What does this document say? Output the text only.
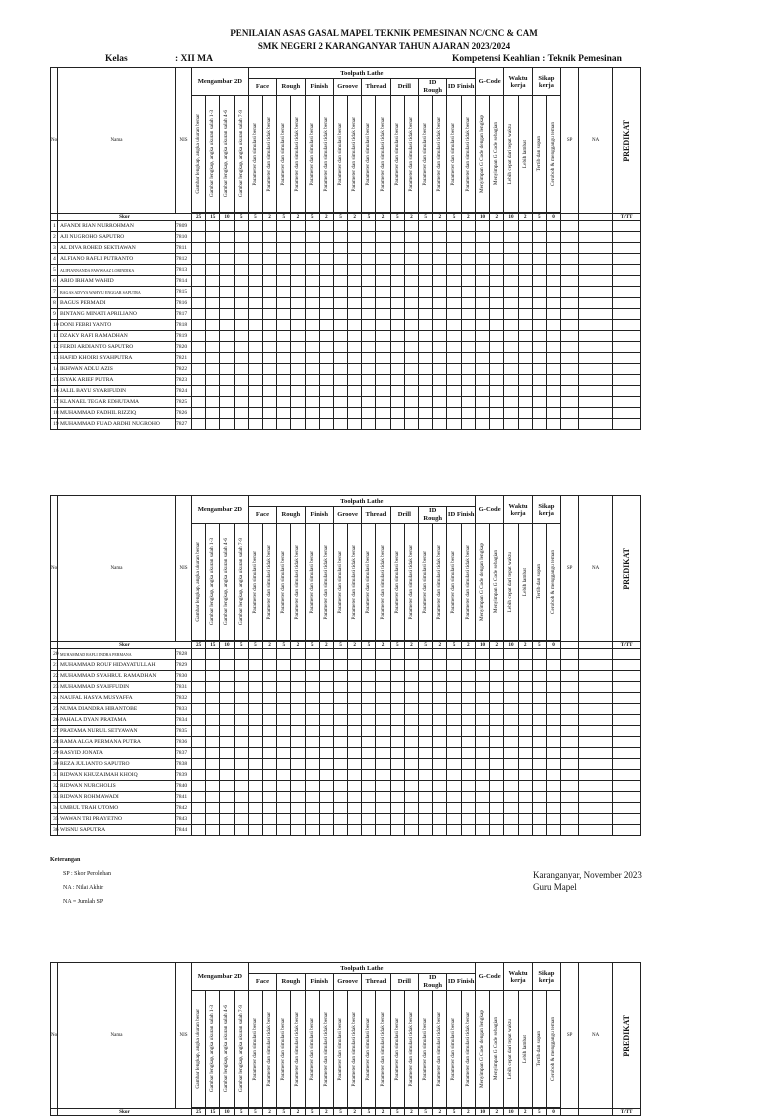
PENILAIAN ASAS GASAL MAPEL TEKNIK PEMESINAN NC/CNC & CAM
SMK NEGERI 2 KARANGANYAR TAHUN AJARAN 2023/2024
Kelas	: XII MA	Kompetensi Keahlian : Teknik Pemesinan
No	Nama	NIS	Mengambar 2D				Toolpath Lathe																G-Code		Waktu kerja		Sikap kerja		SP	NA	PREDIKAT

							Face		Rough		Finish		Groove		Thread		Drill		ID Rough		ID Finish										

			Gambar lengkap, angka ukuran benar	Gambar lengkap, angka ukuran salah 1-3	Gambar lengkap, angka ukuran salah 4-6	Gambar lengkap, angka ukuran salah 7-9	Parameter dan simulasi benar	Parameter dan simulasi tidak benar	Parameter dan simulasi benar	Parameter dan simulasi tidak benar	Parameter dan simulasi benar	Parameter dan simulasi tidak benar	Parameter dan simulasi benar	Parameter dan simulasi tidak benar	Parameter dan simulasi benar	Parameter dan simulasi tidak benar	Parameter dan simulasi benar	Parameter dan simulasi tidak benar	Parameter dan simulasi benar	Parameter dan simulasi tidak benar	Parameter dan simulasi benar	Parameter dan simulasi tidak benar	Menyimpan G Code dengan lengkap	Menyimpan G Code sebagian	Lebih cepat dari tepat waktu	Lebih lambat	Tertib dan sopan	Ceroboh & menggangu teman			

	Skor		25	15	10	5	5	2	5	2	5	2	5	2	5	2	5	2	5	2	5	2	10	2	10	2	5	0			T/TT
1	AFANDI RIAN NURROHMAN	7809																													
2	AJI NUGROHO SAPUTRO	7810																													
3	AL DIVA ROHED SEKTIAWAN	7811																													
4	ALFIANO RAFLI PUTRANTO	7812																													
5	ALIFIANNANDA FAWWAAZ LORINDIKA	7813																													
6	ARIO IRHAM WAHID	7814																													
7	BAGAS ADVYA WAHYU ENGGAR SAPUTRA	7815																													
8	BAGUS PERMADI	7816																													
9	BINTANG MINATI APRILIANO	7817																													
10	DONI FEBRI YANTO	7818																													
11	DZAKY RAFI RAMADHAN	7819																													
12	FERDI ARDIANTO SAPUTRO	7820																													
13	HAFID KHOIRI SYAHPUTRA	7821																													
14	IKHWAN ADLU AZIS	7822																													
15	ISYAK ARIEF PUTRA	7823																													
16	JALIL BAYU SYARIFUDIN	7824																													
17	KLANAEL TEGAR EDHUTAMA	7825																													
18	MUHAMMAD FADHIL RIZZIQ	7826																													
19	MUHAMMAD FUAD ARDHI NUGROHO	7827																													
No	Nama	NIS	Mengambar 2D				Toolpath Lathe																G-Code		Waktu kerja		Sikap kerja		SP	NA	PREDIKAT

							Face		Rough		Finish		Groove		Thread		Drill		ID Rough		ID Finish										

			Gambar lengkap, angka ukuran benar	Gambar lengkap, angka ukuran salah 1-3	Gambar lengkap, angka ukuran salah 4-6	Gambar lengkap, angka ukuran salah 7-9	Parameter dan simulasi benar	Parameter dan simulasi tidak benar	Parameter dan simulasi benar	Parameter dan simulasi tidak benar	Parameter dan simulasi benar	Parameter dan simulasi tidak benar	Parameter dan simulasi benar	Parameter dan simulasi tidak benar	Parameter dan simulasi benar	Parameter dan simulasi tidak benar	Parameter dan simulasi benar	Parameter dan simulasi tidak benar	Parameter dan simulasi benar	Parameter dan simulasi tidak benar	Parameter dan simulasi benar	Parameter dan simulasi tidak benar	Menyimpan G Code dengan lengkap	Menyimpan G Code sebagian	Lebih cepat dari tepat waktu	Lebih lambat	Tertib dan sopan	Ceroboh & menggangu teman			

	Skor		25	15	10	5	5	2	5	2	5	2	5	2	5	2	5	2	5	2	5	2	10	2	10	2	5	0			T/TT
20	MUHAMMAD RAFLI INDRA PERMANA	7828																													
21	MUHAMMAD ROUF HIDAYATULLAH	7829																													
22	MUHAMMAD SYAHRUL RAMADHAN	7830																													
23	MUHAMMAD SYAIFFUDIN	7831																													
24	NAUFAL HASYA MUSYAFFA	7832																													
25	NUMA DIANDRA HIRANTOBE	7833																													
26	PAHALA DYAN PRATAMA	7834																													
27	PRATAMA NURUL SETYAWAN	7835																													
28	RAMA ALGA PERMANA PUTRA	7836																													
29	RASYID JONATA	7837																													
30	REZA JULIANTO SAPUTRO	7838																													
31	RIDWAN KHUZAIMAH KHOIQ	7839																													
32	RIDWAN NURCHOLIS	7840																													
33	RIDWAN ROHMAWADI	7841																													
34	UMBUL TRAH UTOMO	7842																													
35	WAWAN TRI PRAYETNO	7843																													
36	WISNU SAPUTRA	7844																													
No	Nama	NIS	Mengambar 2D				Toolpath Lathe																G-Code		Waktu kerja		Sikap kerja		SP	NA	PREDIKAT

							Face		Rough		Finish		Groove		Thread		Drill		ID Rough		ID Finish										

			Gambar lengkap, angka ukuran benar	Gambar lengkap, angka ukuran salah 1-3	Gambar lengkap, angka ukuran salah 4-6	Gambar lengkap, angka ukuran salah 7-9	Parameter dan simulasi benar	Parameter dan simulasi tidak benar	Parameter dan simulasi benar	Parameter dan simulasi tidak benar	Parameter dan simulasi benar	Parameter dan simulasi tidak benar	Parameter dan simulasi benar	Parameter dan simulasi tidak benar	Parameter dan simulasi benar	Parameter dan simulasi tidak benar	Parameter dan simulasi benar	Parameter dan simulasi tidak benar	Parameter dan simulasi benar	Parameter dan simulasi tidak benar	Parameter dan simulasi benar	Parameter dan simulasi tidak benar	Menyimpan G Code dengan lengkap	Menyimpan G Code sebagian	Lebih cepat dari tepat waktu	Lebih lambat	Tertib dan sopan	Ceroboh & menggangu teman			

	Skor		25	15	10	5	5	2	5	2	5	2	5	2	5	2	5	2	5	2	5	2	10	2	10	2	5	0			T/TT
Keterangan
SP : Skor Perolehan
NA : Nilai Akhir
NA = Jumlah SP
Karanganyar, November 2023
Guru Mapel
